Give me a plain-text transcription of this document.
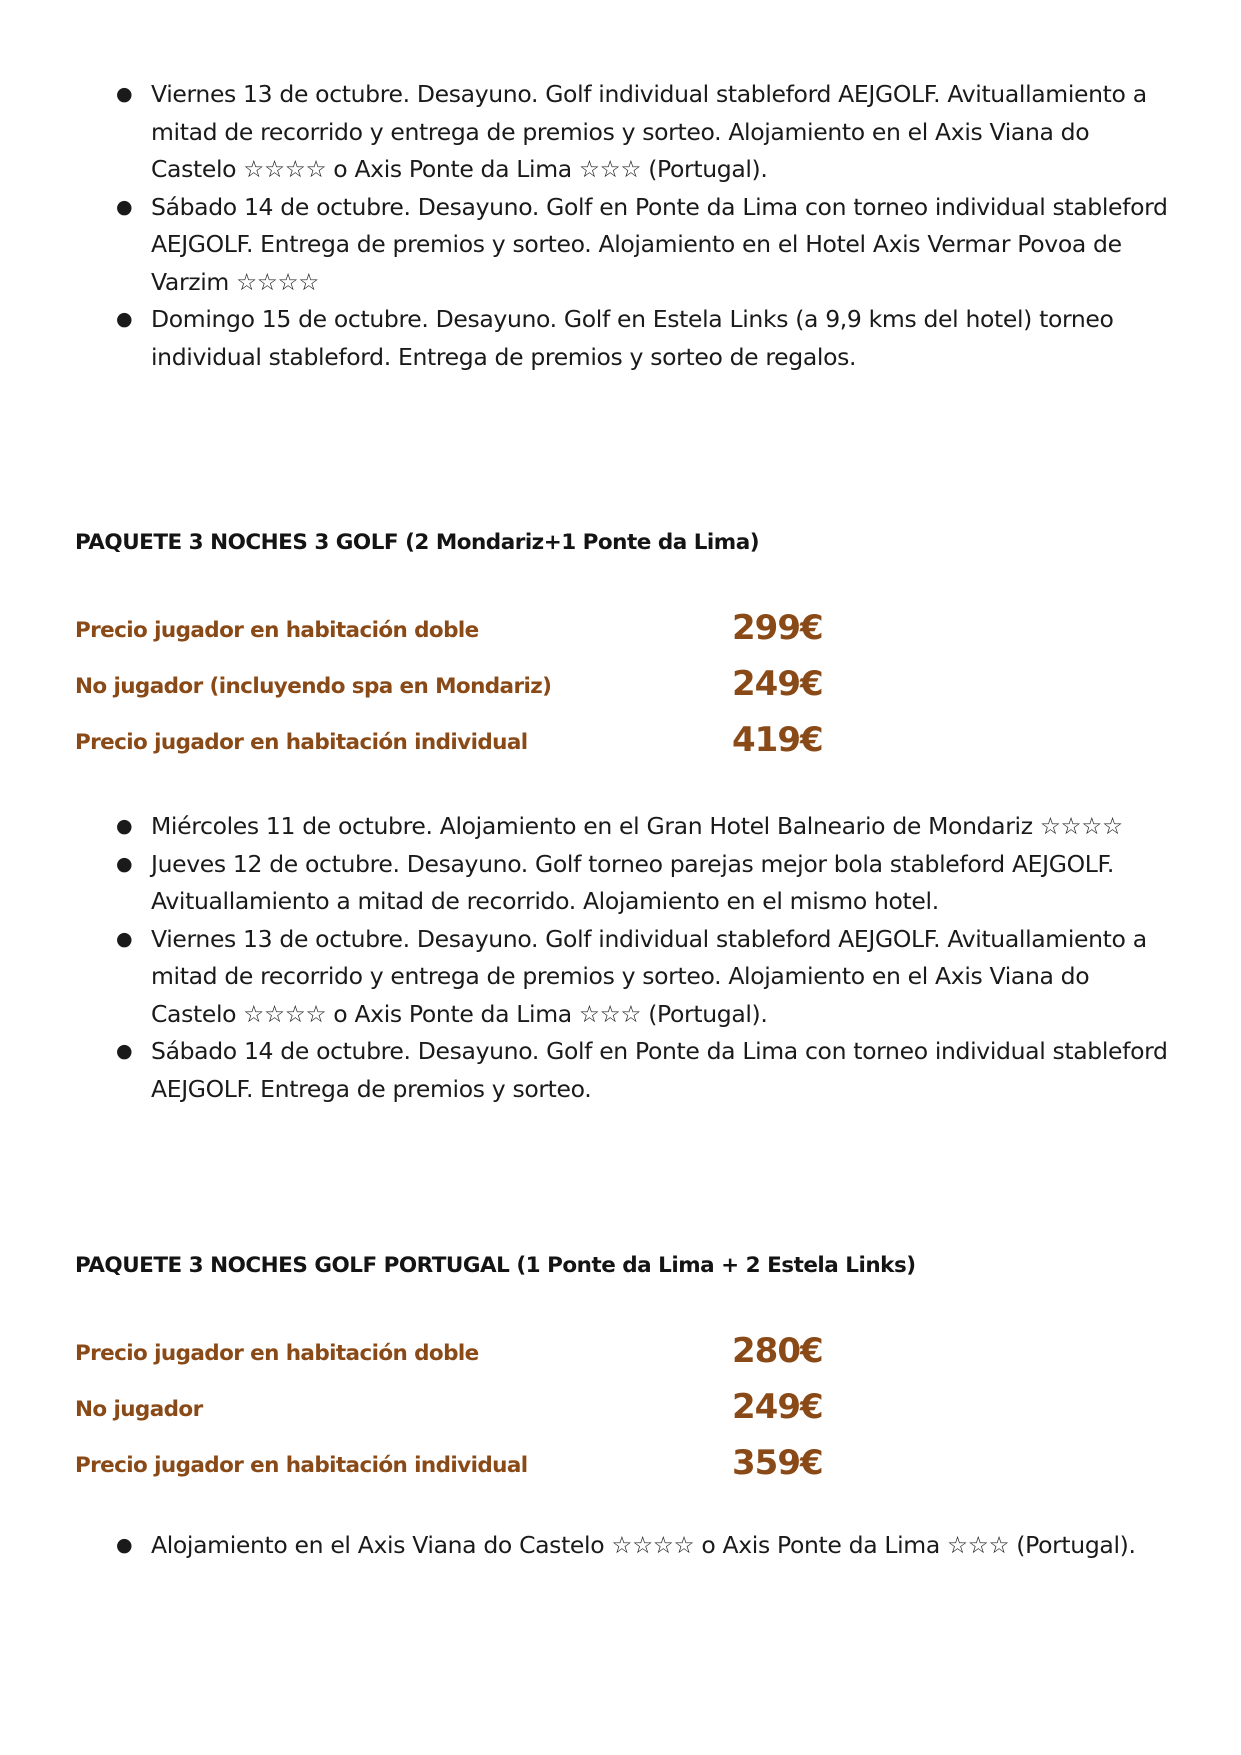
● Viernes 13 de octubre. Desayuno. Golf individual stableford AEJGOLF. Avituallamiento a mitad de recorrido y entrega de premios y sorteo. Alojamiento en el Axis Viana do Castelo ☆☆☆☆ o Axis Ponte da Lima ☆☆☆ (Portugal).
● Sábado 14 de octubre. Desayuno. Golf en Ponte da Lima con torneo individual stableford AEJGOLF. Entrega de premios y sorteo. Alojamiento en el Hotel Axis Vermar Povoa de Varzim ☆☆☆☆
● Domingo 15 de octubre. Desayuno. Golf en Estela Links (a 9,9 kms del hotel) torneo individual stableford. Entrega de premios y sorteo de regalos.
PAQUETE 3 NOCHES 3 GOLF (2 Mondariz+1 Ponte da Lima)
Precio jugador en habitación doble	299€
No jugador (incluyendo spa en Mondariz)	249€
Precio jugador en habitación individual	419€
● Miércoles 11 de octubre. Alojamiento en el Gran Hotel Balneario de Mondariz ☆☆☆☆
● Jueves 12 de octubre. Desayuno. Golf torneo parejas mejor bola stableford AEJGOLF. Avituallamiento a mitad de recorrido. Alojamiento en el mismo hotel.
● Viernes 13 de octubre. Desayuno. Golf individual stableford AEJGOLF. Avituallamiento a mitad de recorrido y entrega de premios y sorteo. Alojamiento en el Axis Viana do Castelo ☆☆☆☆ o Axis Ponte da Lima ☆☆☆ (Portugal).
● Sábado 14 de octubre. Desayuno. Golf en Ponte da Lima con torneo individual stableford AEJGOLF. Entrega de premios y sorteo.
PAQUETE 3 NOCHES GOLF PORTUGAL (1 Ponte da Lima + 2 Estela Links)
Precio jugador en habitación doble	280€
No jugador	249€
Precio jugador en habitación individual	359€
● Alojamiento en el Axis Viana do Castelo ☆☆☆☆ o Axis Ponte da Lima ☆☆☆ (Portugal).
